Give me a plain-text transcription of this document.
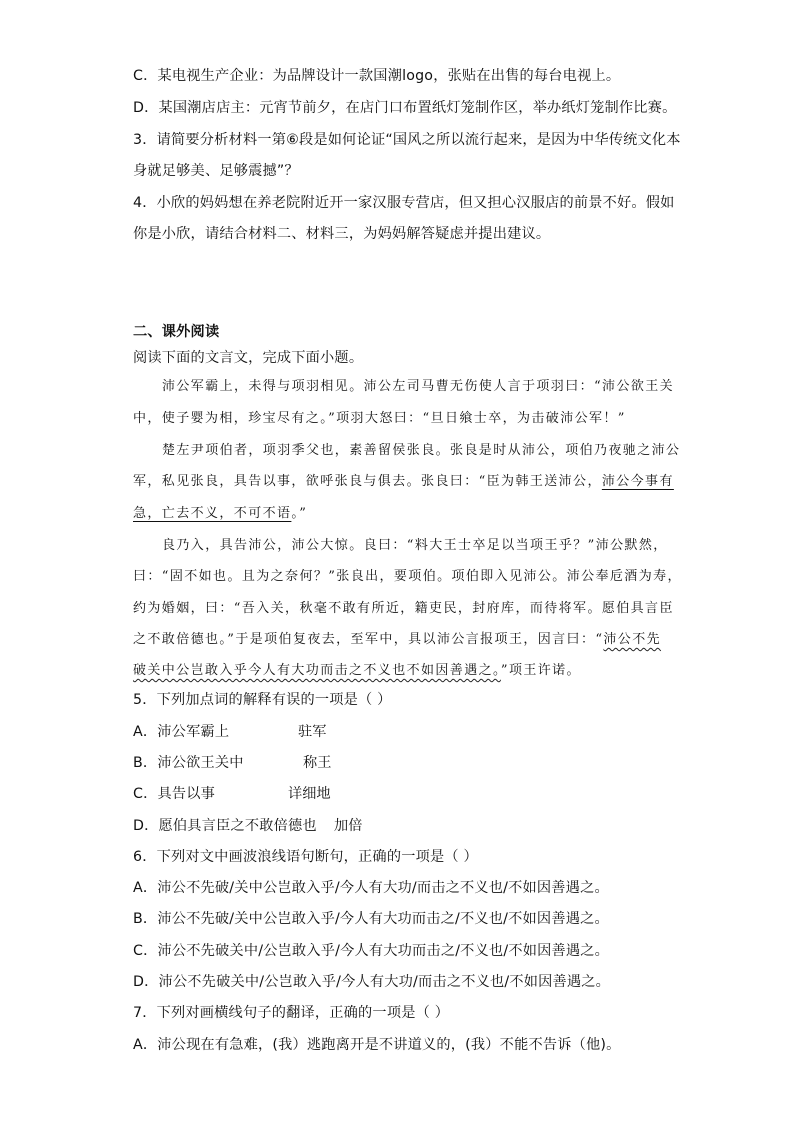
C．某电视生产企业：为品牌设计一款国潮logo，张贴在出售的每台电视上。
D．某国潮店店主：元宵节前夕，在店门口布置纸灯笼制作区，举办纸灯笼制作比赛。
3．请简要分析材料一第⑥段是如何论证“国风之所以流行起来，是因为中华传统文化本
身就足够美、足够震撼”？
4．小欣的妈妈想在养老院附近开一家汉服专营店，但又担心汉服店的前景不好。假如
你是小欣，请结合材料二、材料三，为妈妈解答疑虑并提出建议。
二、课外阅读
阅读下面的文言文，完成下面小题。
沛公军霸上，未得与项羽相见。沛公左司马曹无伤使人言于项羽曰：“沛公欲王关
中，使子婴为相，珍宝尽有之。”项羽大怒曰：“旦日飨士卒，为击破沛公军！”
楚左尹项伯者，项羽季父也，素善留侯张良。张良是时从沛公，项伯乃夜驰之沛公
军，私见张良，具告以事，欲呼张良与俱去。张良曰：“臣为韩王送沛公，沛公今事有
急，亡去不义，不可不语。”
良乃入，具告沛公，沛公大惊。良曰：“料大王士卒足以当项王乎？”沛公默然，
曰：“固不如也。且为之奈何？”张良出，要项伯。项伯即入见沛公。沛公奉卮酒为寿，
约为婚姻，曰：“吾入关，秋毫不敢有所近，籍吏民，封府库，而待将军。愿伯具言臣
之不敢倍德也。”于是项伯复夜去，至军中，具以沛公言报项王，因言曰：“沛公不先
破关中公岂敢入乎今人有大功而击之不义也不如因善遇之。”项王许诺。
5．下列加点词的解释有误的一项是（ ）
A．沛公军霸上	驻军
B．沛公欲王关中	称王
C．具告以事	详细地
D．愿伯具言臣之不敢倍德也 加倍
6．下列对文中画波浪线语句断句，正确的一项是（ ）
A．沛公不先破/关中公岂敢入乎/今人有大功/而击之不义也/不如因善遇之。
B．沛公不先破/关中公岂敢入乎/今人有大功而击之/不义也/不如因善遇之。
C．沛公不先破关中/公岂敢入乎/今人有大功而击之/不义也/不如因善遇之。
D．沛公不先破关中/公岂敢入乎/今人有大功/而击之不义也/不如因善遇之。
7．下列对画横线句子的翻译，正确的一项是（ ）
A．沛公现在有急难，(我）逃跑离开是不讲道义的，(我）不能不告诉（他)。
